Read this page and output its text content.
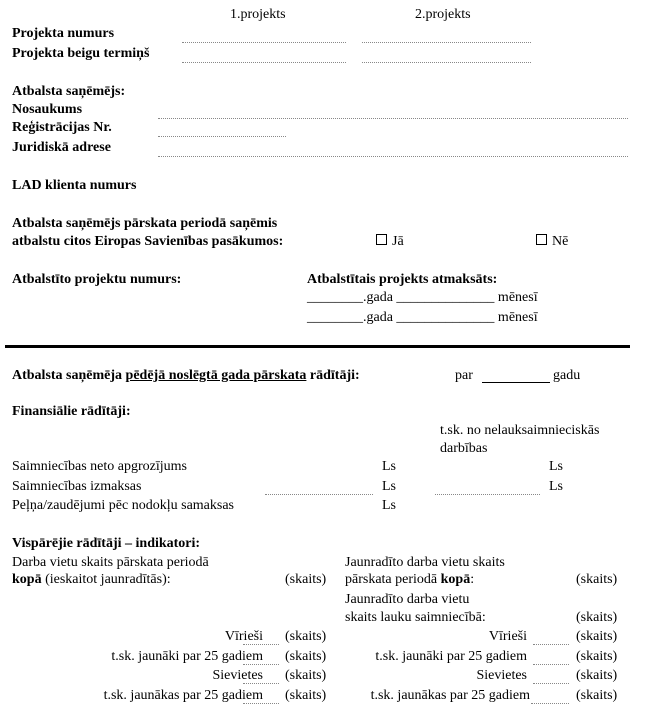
1.projekts	2.projekts
Projekta numurs
Projekta beigu termiņš
Atbalsta saņēmējs:
Nosaukums
Reģistrācijas Nr.
Juridiskā adrese
LAD klienta numurs
Atbalsta saņēmējs pārskata periodā saņēmis
atbalstu citos Eiropas Savienības pasākumos:	Jā	Nē
Atbalstīto projektu numurs:	Atbalstītais projekts atmaksāts:
________.gada ______________ mēnesī
________.gada ______________ mēnesī
Atbalsta saņēmēja pēdējā noslēgtā gada pārskata rādītāji:	par	gadu
Finansiālie rādītāji:
t.sk. no nelauksaimnieciskās
darbības
Saimniecības neto apgrozījums	Ls	Ls
Saimniecības izmaksas	Ls	Ls
Peļņa/zaudējumi pēc nodokļu samaksas	Ls
Vispārējie rādītāji – indikatori:
Darba vietu skaits pārskata periodā
kopā (ieskaitot jaunradītās):	(skaits)
Jaunradīto darba vietu skaits
pārskata periodā kopā:	(skaits)
Jaunradīto darba vietu
skaits lauku saimniecībā:	(skaits)
Vīrieši (skaits)	Vīrieši	(skaits)
t.sk. jaunāki par 25 gadiem (skaits)	t.sk. jaunāki par 25 gadiem	(skaits)
Sievietes (skaits)	Sievietes	(skaits)
t.sk. jaunākas par 25 gadiem (skaits)	t.sk. jaunākas par 25 gadiem	(skaits)
